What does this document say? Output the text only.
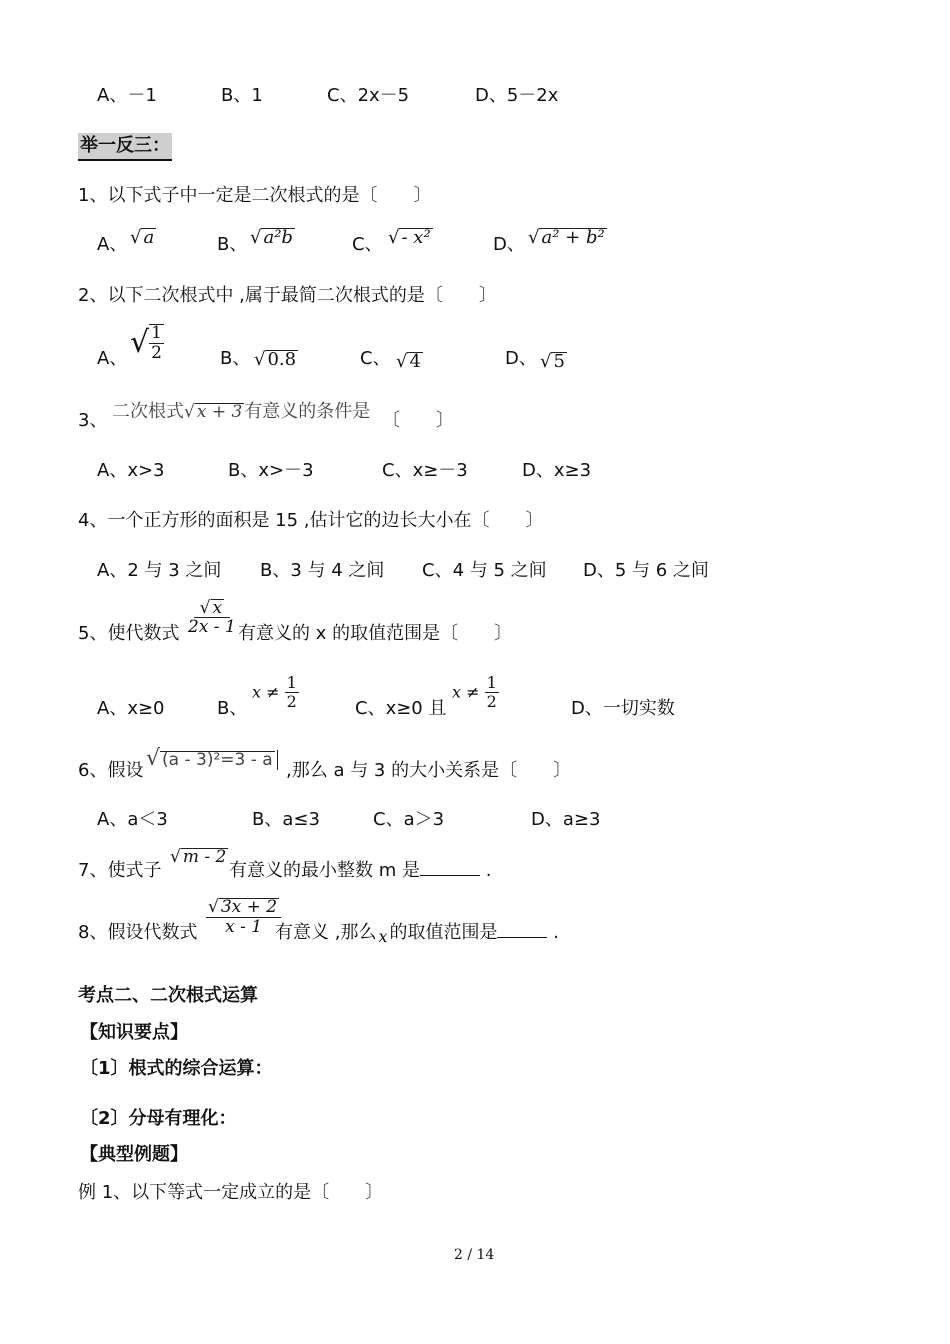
A、－1	B、1	C、2x－5	D、5－2x
举一反三：
1、以下式子中一定是二次根式的是〔　　〕
A、 √ a	B、 √ a²b	C、 √ - x²	D、 √ a² + b²
2、以下二次根式中 ,属于最简二次根式的是〔　　〕
A、 √ $\frac{1}{2}$	B、 √ 0.8	C、 √ 4	D、 √ 5
3、 二次根式√ x + 3 有意义的条件是 〔　　〕
A、x>3	B、x>－3	C、x≥－3	D、x≥3
4、一个正方形的面积是 15 ,估计它的边长大小在〔　　〕
A、2 与 3 之间 B、3 与 4 之间 C、4 与 5 之间 D、5 与 6 之间
5、使代数式 $\frac{√ x}{2x - 1}$ 有意义的 x 的取值范围是〔　　〕
A、x≥0	B、
$x \ne \frac{1}{2}$	C、x≥0 且
$x \ne \frac{1}{2}$	D、一切实数
6、假设 √ (a - 3)²=3 - a ,那么 a 与 3 的大小关系是〔　　〕
A、a＜3	B、a≤3	C、a＞3	D、a≥3
7、使式子
√ m - 2
有意义的最小整数 m 是	.
8、假设代数式 $\frac{√ 3x + 2}{x - 1}$
有意义 ,那么 x 的取值范围是	.
考点二、二次根式运算
【知识要点】
〔1〕根式的综合运算：
〔2〕分母有理化：
【典型例题】
例 1、以下等式一定成立的是〔　　〕
2 / 14
